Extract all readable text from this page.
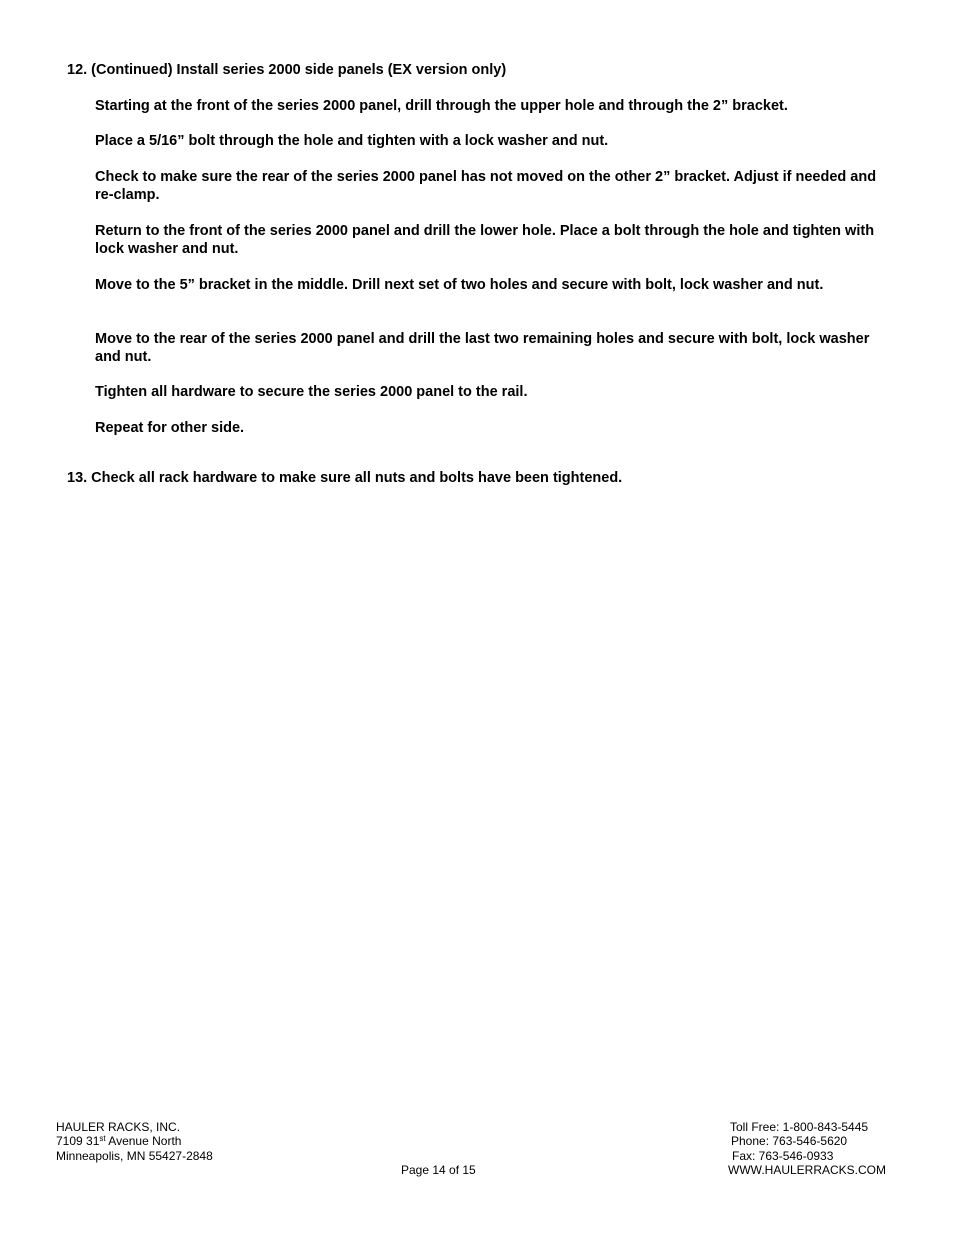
12. (Continued) Install series 2000 side panels (EX version only)

Starting at the front of the series 2000 panel, drill through the upper hole and through the 2” bracket.

Place a 5/16” bolt through the hole and tighten with a lock washer and nut.

Check to make sure the rear of the series 2000 panel has not moved on the other 2” bracket. Adjust if needed and re-clamp.

Return to the front of the series 2000 panel and drill the lower hole. Place a bolt through the hole and tighten with lock washer and nut.

Move to the 5” bracket in the middle. Drill next set of two holes and secure with bolt, lock washer and nut.

Move to the rear of the series 2000 panel and drill the last two remaining holes and secure with bolt, lock washer and nut.

Tighten all hardware to secure the series 2000 panel to the rail.

Repeat for other side.

13. Check all rack hardware to make sure all nuts and bolts have been tightened.

HAULER RACKS, INC.

7109 31st Avenue North

Minneapolis, MN 55427-2848

Page 14 of 15

Toll Free: 1-800-843-5445

Phone: 763-546-5620

Fax: 763-546-0933

WWW.HAULERRACKS.COM
